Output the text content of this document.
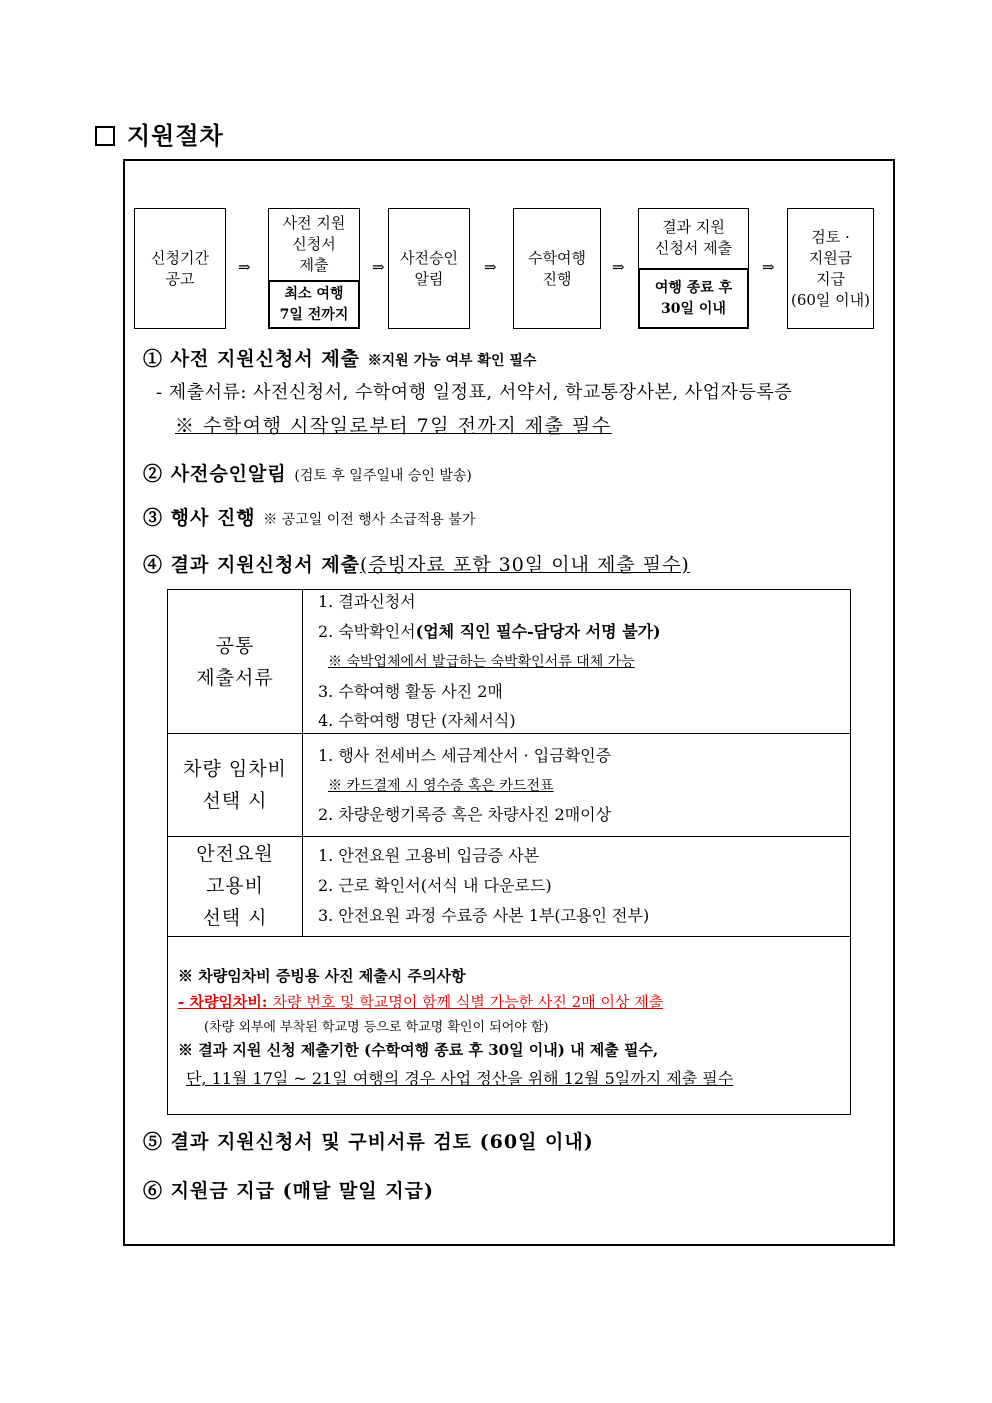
지원절차
신청기간
공고
⇒
사전 지원
신청서
제출
최소 여행
7일 전까지
⇒
사전승인
알림
⇒
수학여행
진행
⇒
결과 지원
신청서 제출
여행 종료 후
30일 이내
⇒
검토 ·
지원금
지급
(60일 이내)
① 사전 지원신청서 제출 ※지원 가능 여부 확인 필수
- 제출서류: 사전신청서, 수학여행 일정표, 서약서, 학교통장사본, 사업자등록증
※ 수학여행 시작일로부터 7일 전까지 제출 필수
② 사전승인알림 (검토 후 일주일내 승인 발송)
③ 행사 진행 ※ 공고일 이전 행사 소급적용 불가
④ 결과 지원신청서 제출(증빙자료 포함 30일 이내 제출 필수)
공통
제출서류
1. 결과신청서
2. 숙박확인서(업체 직인 필수-담당자 서명 불가)
※ 숙박업체에서 발급하는 숙박확인서류 대체 가능
3. 수학여행 활동 사진 2매
4. 수학여행 명단 (자체서식)
차량 임차비
선택 시
1. 행사 전세버스 세금계산서 · 입금확인증
※ 카드결제 시 영수증 혹은 카드전표
2. 차량운행기록증 혹은 차량사진 2매이상
안전요원
고용비
선택 시
1. 안전요원 고용비 입금증 사본
2. 근로 확인서(서식 내 다운로드)
3. 안전요원 과정 수료증 사본 1부(고용인 전부)
※ 차량임차비 증빙용 사진 제출시 주의사항
- 차량임차비: 차량 번호 및 학교명이 함께 식별 가능한 사진 2매 이상 제출
(차량 외부에 부착된 학교명 등으로 학교명 확인이 되어야 함)
※ 결과 지원 신청 제출기한 (수학여행 종료 후 30일 이내) 내 제출 필수,
단, 11월 17일 ~ 21일 여행의 경우 사업 정산을 위해 12월 5일까지 제출 필수
⑤ 결과 지원신청서 및 구비서류 검토 (60일 이내)
⑥ 지원금 지급 (매달 말일 지급)
